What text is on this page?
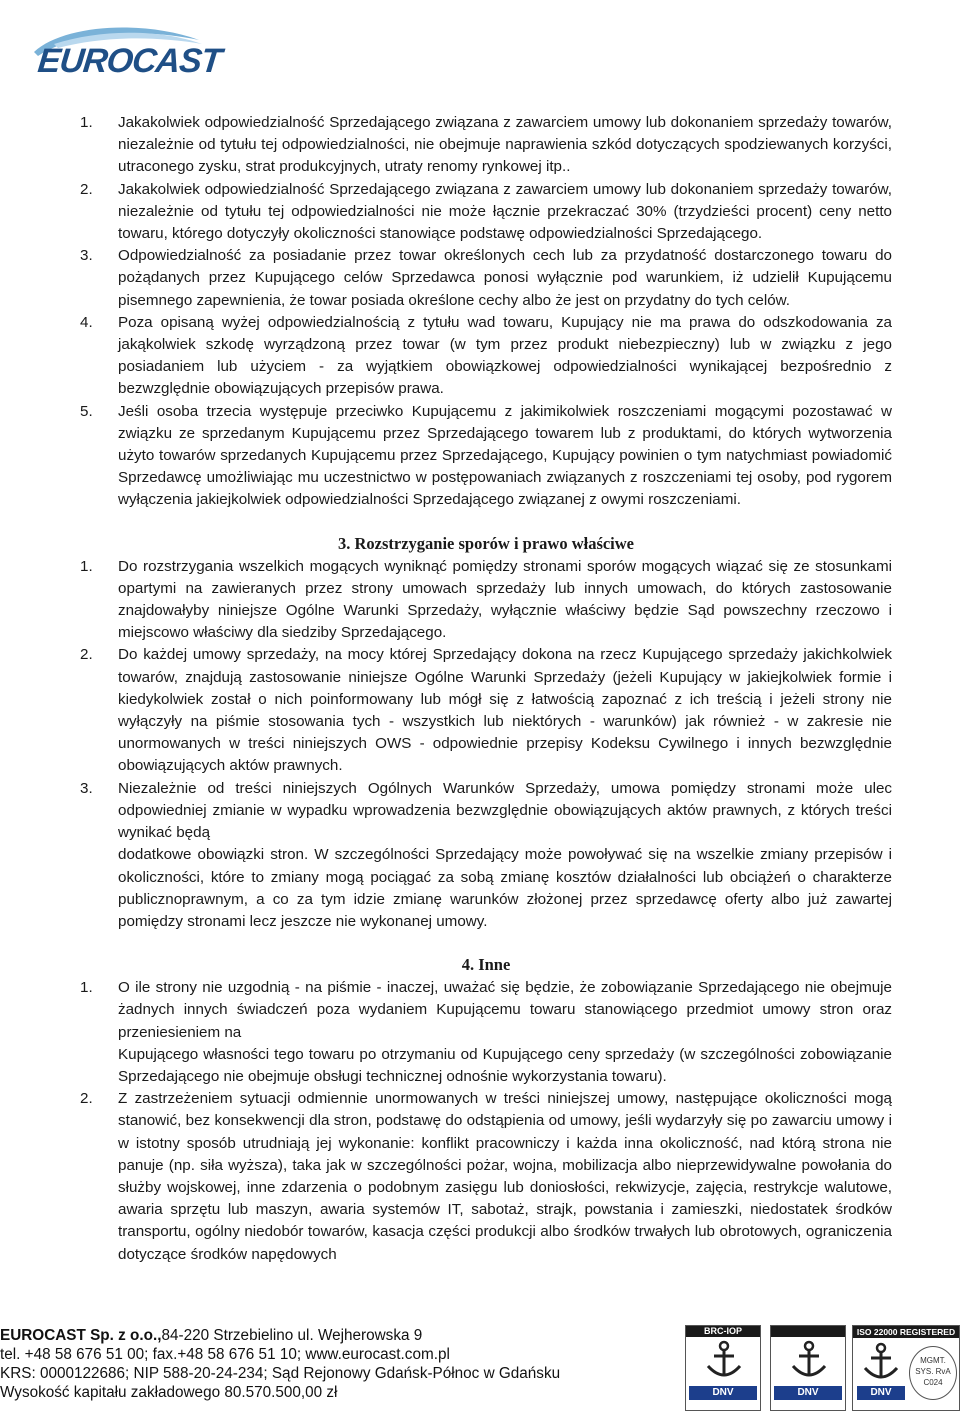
EUROCAST
1. Jakakolwiek odpowiedzialność Sprzedającego związana z zawarciem umowy lub dokonaniem sprzedaży towarów, niezależnie od tytułu tej odpowiedzialności, nie obejmuje naprawienia szkód dotyczących spodziewanych korzyści, utraconego zysku, strat produkcyjnych, utraty renomy rynkowej itp..

2. Jakakolwiek odpowiedzialność Sprzedającego związana z zawarciem umowy lub dokonaniem sprzedaży towarów, niezależnie od tytułu tej odpowiedzialności nie może łącznie przekraczać 30% (trzydzieści procent) ceny netto towaru, którego dotyczyły okoliczności stanowiące podstawę odpowiedzialności Sprzedającego.

3. Odpowiedzialność za posiadanie przez towar określonych cech lub za przydatność dostarczonego towaru do pożądanych przez Kupującego celów Sprzedawca ponosi wyłącznie pod warunkiem, iż udzielił Kupującemu pisemnego zapewnienia, że towar posiada określone cechy albo że jest on przydatny do tych celów.

4. Poza opisaną wyżej odpowiedzialnością z tytułu wad towaru, Kupujący nie ma prawa do odszkodowania za jakąkolwiek szkodę wyrządzoną przez towar (w tym przez produkt niebezpieczny) lub w związku z jego posiadaniem lub użyciem - za wyjątkiem obowiązkowej odpowiedzialności wynikającej bezpośrednio z bezwzględnie obowiązujących przepisów prawa.

5. Jeśli osoba trzecia występuje przeciwko Kupującemu z jakimikolwiek roszczeniami mogącymi pozostawać w związku ze sprzedanym Kupującemu przez Sprzedającego towarem lub z produktami, do których wytworzenia użyto towarów sprzedanych Kupującemu przez Sprzedającego, Kupujący powinien o tym natychmiast powiadomić Sprzedawcę umożliwiając mu uczestnictwo w postępowaniach związanych z roszczeniami tej osoby, pod rygorem wyłączenia jakiejkolwiek odpowiedzialności Sprzedającego związanej z owymi roszczeniami.

3. Rozstrzyganie sporów i prawo właściwe
1. Do rozstrzygania wszelkich mogących wyniknąć pomiędzy stronami sporów mogących wiązać się ze stosunkami opartymi na zawieranych przez strony umowach sprzedaży lub innych umowach, do których zastosowanie znajdowałyby niniejsze Ogólne Warunki Sprzedaży, wyłącznie właściwy będzie Sąd powszechny rzeczowo i miejscowo właściwy dla siedziby Sprzedającego.

2. Do każdej umowy sprzedaży, na mocy której Sprzedający dokona na rzecz Kupującego sprzedaży jakichkolwiek towarów, znajdują zastosowanie niniejsze Ogólne Warunki Sprzedaży (jeżeli Kupujący w jakiejkolwiek formie i kiedykolwiek został o nich poinformowany lub mógł się z łatwością zapoznać z ich treścią i jeżeli strony nie wyłączyły na piśmie stosowania tych - wszystkich lub niektórych - warunków) jak również - w zakresie nie unormowanych w treści niniejszych OWS - odpowiednie przepisy Kodeksu Cywilnego i innych bezwzględnie obowiązujących aktów prawnych.

3. Niezależnie od treści niniejszych Ogólnych Warunków Sprzedaży, umowa pomiędzy stronami może ulec odpowiedniej zmianie w wypadku wprowadzenia bezwzględnie obowiązujących aktów prawnych, z których treści wynikać będą

dodatkowe obowiązki stron. W szczególności Sprzedający może powoływać się na wszelkie zmiany przepisów i okoliczności, które to zmiany mogą pociągać za sobą zmianę kosztów działalności lub obciążeń o charakterze publicznoprawnym, a co za tym idzie zmianę warunków złożonej przez sprzedawcę oferty albo już zawartej pomiędzy stronami lecz jeszcze nie wykonanej umowy.

4. Inne
1. O ile strony nie uzgodnią - na piśmie - inaczej, uważać się będzie, że zobowiązanie Sprzedającego nie obejmuje żadnych innych świadczeń poza wydaniem Kupującemu towaru stanowiącego przedmiot umowy stron oraz przeniesieniem na

Kupującego własności tego towaru po otrzymaniu od Kupującego ceny sprzedaży (w szczególności zobowiązanie Sprzedającego nie obejmuje obsługi technicznej odnośnie wykorzystania towaru).

2. Z zastrzeżeniem sytuacji odmiennie unormowanych w treści niniejszej umowy, następujące okoliczności mogą stanowić, bez konsekwencji dla stron, podstawę do odstąpienia od umowy, jeśli wydarzyły się po zawarciu umowy i w istotny sposób utrudniają jej wykonanie: konflikt pracowniczy i każda inna okoliczność, nad którą strona nie panuje (np. siła wyższa), taka jak w szczególności pożar, wojna, mobilizacja albo nieprzewidywalne powołania do służby wojskowej, inne zdarzenia o podobnym zasięgu lub doniosłości, rekwizycje, zajęcia, restrykcje walutowe, awaria sprzętu lub maszyn, awaria systemów IT, sabotaż, strajk, powstania i zamieszki, niedostatek środków transportu, ogólny niedobór towarów, kasacja części produkcji albo środków trwałych lub obrotowych, ograniczenia dotyczące środków napędowych

EUROCAST Sp. z o.o.,84-220 Strzebielino ul. Wejherowska 9
tel. +48 58 676 51 00; fax.+48 58 676 51 10; www.eurocast.com.pl
KRS: 0000122686; NIP 588-20-24-234; Sąd Rejonowy Gdańsk-Północ w Gdańsku
Wysokość kapitału zakładowego 80.570.500,00 zł
BRC-IOP
DNV	DNV
ISO 22000 REGISTERED
DNV
MGMT. SYS. RvA C024
